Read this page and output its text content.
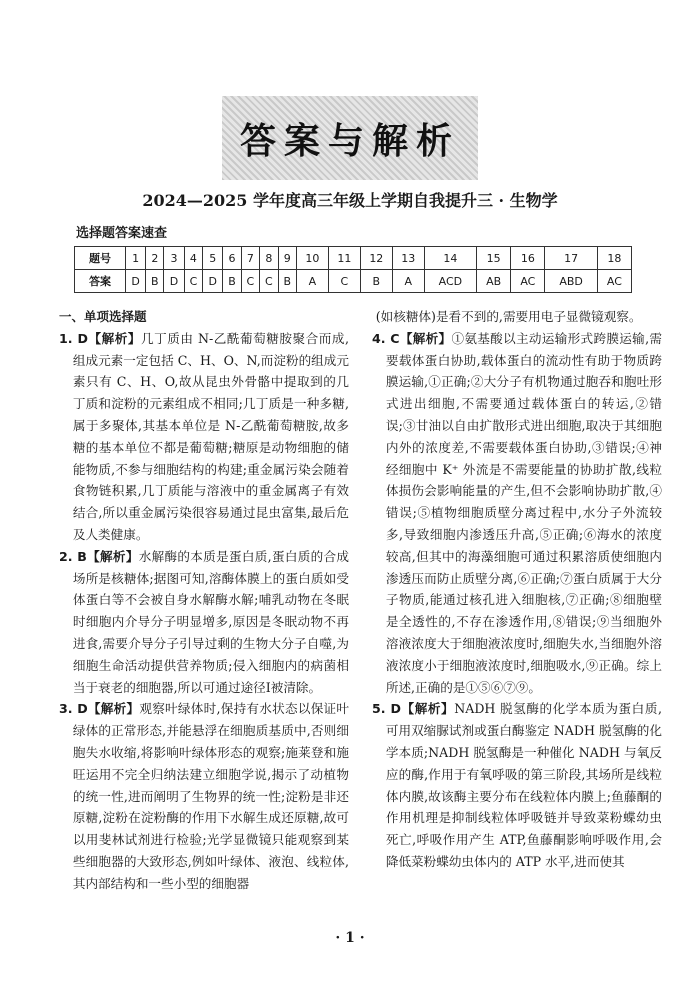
答案与解析
2024—2025 学年度高三年级上学期自我提升三 · 生物学
选择题答案速查
题号	1	2	3	4	5	6	7	8	9	10	11	12	13	14	15	16	17	18
答案	D	B	D	C	D	B	C	C	B	A	C	B	A	ACD	AB	AC	ABD	AC
一、单项选择题

1. D【解析】几丁质由 N-乙酰葡萄糖胺聚合而成,组成元素一定包括 C、H、O、N,而淀粉的组成元素只有 C、H、O,故从昆虫外骨骼中提取到的几丁质和淀粉的元素组成不相同;几丁质是一种多糖,属于多聚体,其基本单位是 N-乙酰葡萄糖胺,故多糖的基本单位不都是葡萄糖;糖原是动物细胞的储能物质,不参与细胞结构的构建;重金属污染会随着食物链积累,几丁质能与溶液中的重金属离子有效结合,所以重金属污染很容易通过昆虫富集,最后危及人类健康。

2. B【解析】水解酶的本质是蛋白质,蛋白质的合成场所是核糖体;据图可知,溶酶体膜上的蛋白质如受体蛋白等不会被自身水解酶水解;哺乳动物在冬眠时细胞内介导分子明显增多,原因是冬眠动物不再进食,需要介导分子引导过剩的生物大分子自噬,为细胞生命活动提供营养物质;侵入细胞内的病菌相当于衰老的细胞器,所以可通过途径Ⅰ被清除。

3. D【解析】观察叶绿体时,保持有水状态以保证叶绿体的正常形态,并能悬浮在细胞质基质中,否则细胞失水收缩,将影响叶绿体形态的观察;施莱登和施旺运用不完全归纳法建立细胞学说,揭示了动植物的统一性,进而阐明了生物界的统一性;淀粉是非还原糖,淀粉在淀粉酶的作用下水解生成还原糖,故可以用斐林试剂进行检验;光学显微镜只能观察到某些细胞器的大致形态,例如叶绿体、液泡、线粒体,其内部结构和一些小型的细胞器

(如核糖体)是看不到的,需要用电子显微镜观察。

4. C【解析】①氨基酸以主动运输形式跨膜运输,需要载体蛋白协助,载体蛋白的流动性有助于物质跨膜运输,①正确;②大分子有机物通过胞吞和胞吐形式进出细胞,不需要通过载体蛋白的转运,②错误;③甘油以自由扩散形式进出细胞,取决于其细胞内外的浓度差,不需要载体蛋白协助,③错误;④神经细胞中 K⁺ 外流是不需要能量的协助扩散,线粒体损伤会影响能量的产生,但不会影响协助扩散,④错误;⑤植物细胞质壁分离过程中,水分子外流较多,导致细胞内渗透压升高,⑤正确;⑥海水的浓度较高,但其中的海藻细胞可通过积累溶质使细胞内渗透压而防止质壁分离,⑥正确;⑦蛋白质属于大分子物质,能通过核孔进入细胞核,⑦正确;⑧细胞壁是全透性的,不存在渗透作用,⑧错误;⑨当细胞外溶液浓度大于细胞液浓度时,细胞失水,当细胞外溶液浓度小于细胞液浓度时,细胞吸水,⑨正确。综上所述,正确的是①⑤⑥⑦⑨。

5. D【解析】NADH 脱氢酶的化学本质为蛋白质,可用双缩脲试剂或蛋白酶鉴定 NADH 脱氢酶的化学本质;NADH 脱氢酶是一种催化 NADH 与氧反应的酶,作用于有氧呼吸的第三阶段,其场所是线粒体内膜,故该酶主要分布在线粒体内膜上;鱼藤酮的作用机理是抑制线粒体呼吸链并导致菜粉蝶幼虫死亡,呼吸作用产生 ATP,鱼藤酮影响呼吸作用,会降低菜粉蝶幼虫体内的 ATP 水平,进而使其

· 1 ·
